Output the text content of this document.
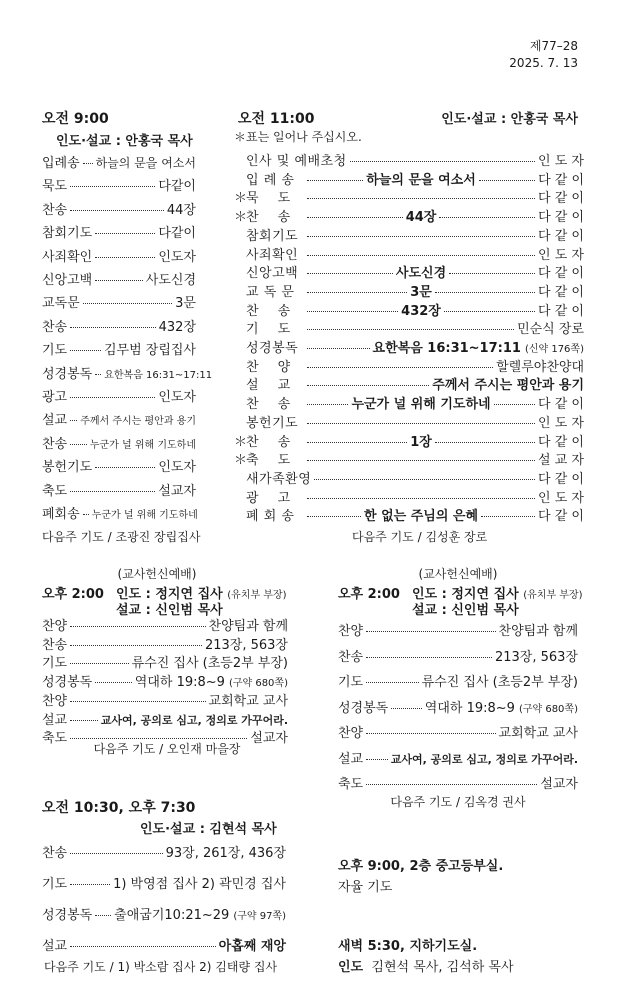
제77–28
2025. 7. 13
오전 9:00
인도·설교 : 안홍국 목사
입례송 하늘의 문을 여소서
묵도	다같이
찬송	44장
참회기도	다같이
사죄확인	인도자
신앙고백	사도신경
교독문	3문
찬송	432장
기도	김무범 장립집사
성경봉독 요한복음 16:31~17:11
광고	인도자
설교 주께서 주시는 평안과 용기
찬송 누군가 널 위해 기도하네
봉헌기도	인도자
축도	설교자
폐회송 누군가 널 위해 기도하네
다음주 기도 / 조광진 장립집사
오전 11:00	인도·설교 : 안홍국 목사
＊표는 일어나 주십시오.
인사 및 예배초청	인 도 자
입 례 송	하늘의 문을 여소서	다 같 이
＊
묵    도	다 같 이
＊
찬    송	44장	다 같 이
참회기도	다 같 이
사죄확인	인 도 자
신앙고백	사도신경	다 같 이
교 독 문	3문	다 같 이
찬    송	432장	다 같 이
기    도	민순식 장로
성경봉독	요한복음 16:31~17:11 (신약 176쪽)
찬    양	할렐루야찬양대
설    교	주께서 주시는 평안과 용기
찬    송	누군가 널 위해 기도하네	다 같 이
봉헌기도	인 도 자
＊
찬    송	1장	다 같 이
＊
축    도	설 교 자
새가족환영	다 같 이
광    고	인 도 자
폐 회 송	한 없는 주님의 은혜	다 같 이
다음주 기도 / 김성훈 장로
(교사헌신예배)
오후 2:00 인도 : 정지연 집사 (유치부 부장)
설교 : 신인범 목사
찬양	찬양팀과 함께
찬송	213장, 563장
기도	류수진 집사 (초등2부 부장)
성경봉독	역대하 19:8~9 (구약 680쪽)
찬양	교회학교 교사
설교	교사여, 공의로 심고, 정의로 가꾸어라.
축도	설교자
다음주 기도 / 오인재 마을장
(교사헌신예배)
오후 2:00 인도 : 정지연 집사 (유치부 부장)
설교 : 신인범 목사
찬양	찬양팀과 함께
찬송	213장, 563장
기도	류수진 집사 (초등2부 부장)
성경봉독	역대하 19:8~9 (구약 680쪽)
찬양	교회학교 교사
설교	교사여, 공의로 심고, 정의로 가꾸어라.
축도	설교자
다음주 기도 / 김옥경 권사
오전 10:30, 오후 7:30
인도·설교 : 김현석 목사
찬송	93장, 261장, 436장
기도	1) 박영점 집사 2) 곽민경 집사
성경봉독 출애굽기10:21~29 (구약 97쪽)
설교	아홉째 재앙
다음주 기도 / 1) 박소람 집사 2) 김태량 집사
오후 9:00, 2층 중고등부실.
자율 기도
새벽 5:30, 지하기도실.
인도 김현석 목사, 김석하 목사
